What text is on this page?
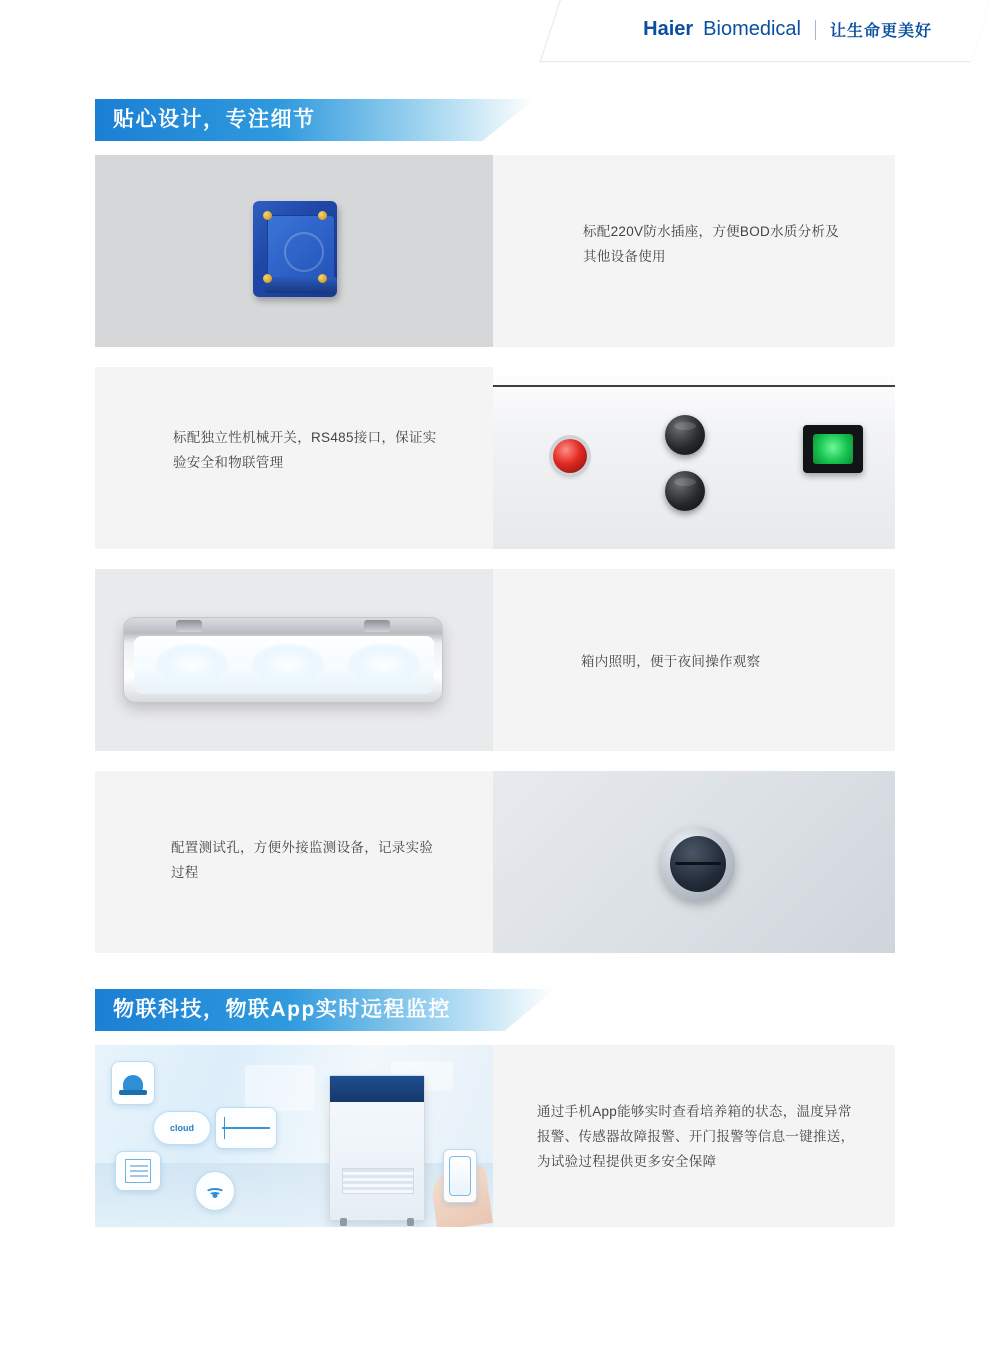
Haier Biomedical 让生命更美好
贴心设计，专注细节

标配220V防水插座，方便BOD水质分析及其他设备使用

标配独立性机械开关，RS485接口，保证实验安全和物联管理

箱内照明，便于夜间操作观察

配置测试孔，方便外接监测设备，记录实验过程

物联科技，物联App实时远程监控
cloud

通过手机App能够实时查看培养箱的状态，温度异常报警、传感器故障报警、开门报警等信息一键推送，为试验过程提供更多安全保障
